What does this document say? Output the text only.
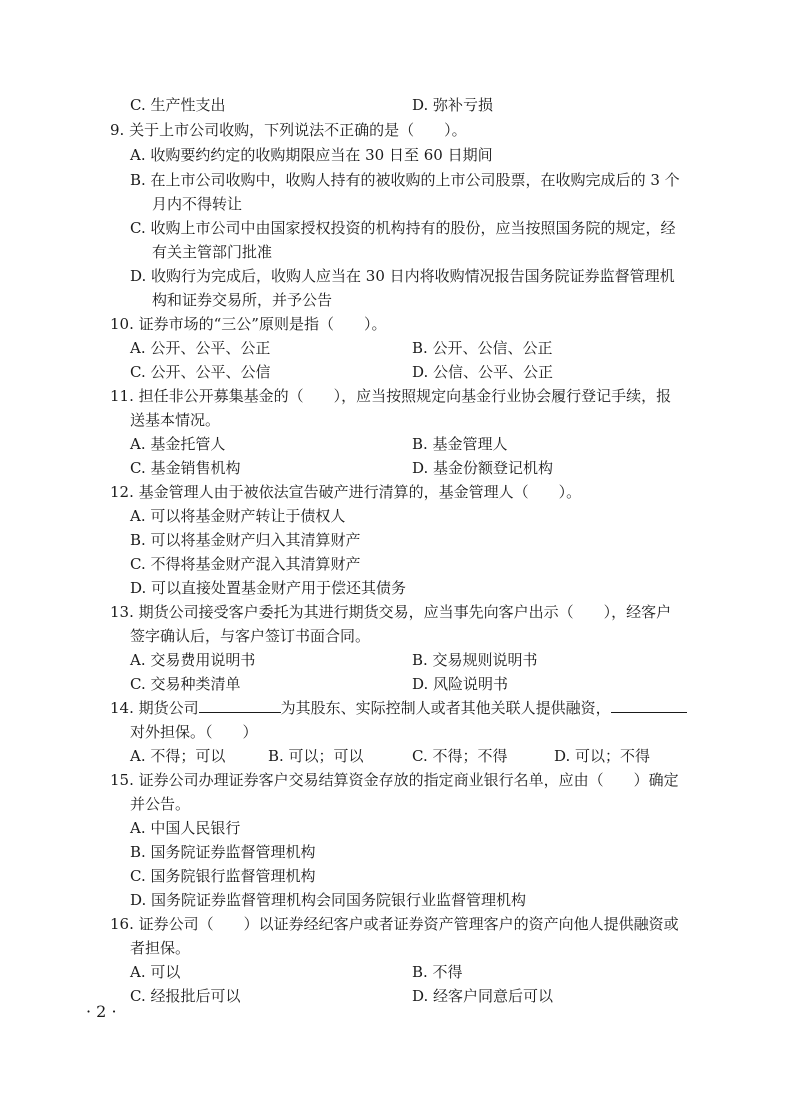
C. 生产性支出	D. 弥补亏损
9. 关于上市公司收购，下列说法不正确的是（　　）。
A. 收购要约约定的收购期限应当在 30 日至 60 日期间
B. 在上市公司收购中，收购人持有的被收购的上市公司股票，在收购完成后的 3 个
月内不得转让
C. 收购上市公司中由国家授权投资的机构持有的股份，应当按照国务院的规定，经
有关主管部门批准
D. 收购行为完成后，收购人应当在 30 日内将收购情况报告国务院证券监督管理机
构和证券交易所，并予公告
10. 证券市场的“三公”原则是指（　　）。
A. 公开、公平、公正	B. 公开、公信、公正
C. 公开、公平、公信	D. 公信、公平、公正
11. 担任非公开募集基金的（　　），应当按照规定向基金行业协会履行登记手续，报
送基本情况。
A. 基金托管人	B. 基金管理人
C. 基金销售机构	D. 基金份额登记机构
12. 基金管理人由于被依法宣告破产进行清算的，基金管理人（　　）。
A. 可以将基金财产转让于债权人
B. 可以将基金财产归入其清算财产
C. 不得将基金财产混入其清算财产
D. 可以直接处置基金财产用于偿还其债务
13. 期货公司接受客户委托为其进行期货交易，应当事先向客户出示（　　），经客户
签字确认后，与客户签订书面合同。
A. 交易费用说明书	B. 交易规则说明书
C. 交易种类清单	D. 风险说明书
14. 期货公司	为其股东、实际控制人或者其他关联人提供融资，
对外担保。（　　）
A. 不得；可以	B. 可以；可以	C. 不得；不得	D. 可以；不得
15. 证券公司办理证券客户交易结算资金存放的指定商业银行名单，应由（　　）确定
并公告。
A. 中国人民银行
B. 国务院证券监督管理机构
C. 国务院银行监督管理机构
D. 国务院证券监督管理机构会同国务院银行业监督管理机构
16. 证券公司（　　）以证券经纪客户或者证券资产管理客户的资产向他人提供融资或
者担保。
A. 可以	B. 不得
C. 经报批后可以	D. 经客户同意后可以
· 2 ·
